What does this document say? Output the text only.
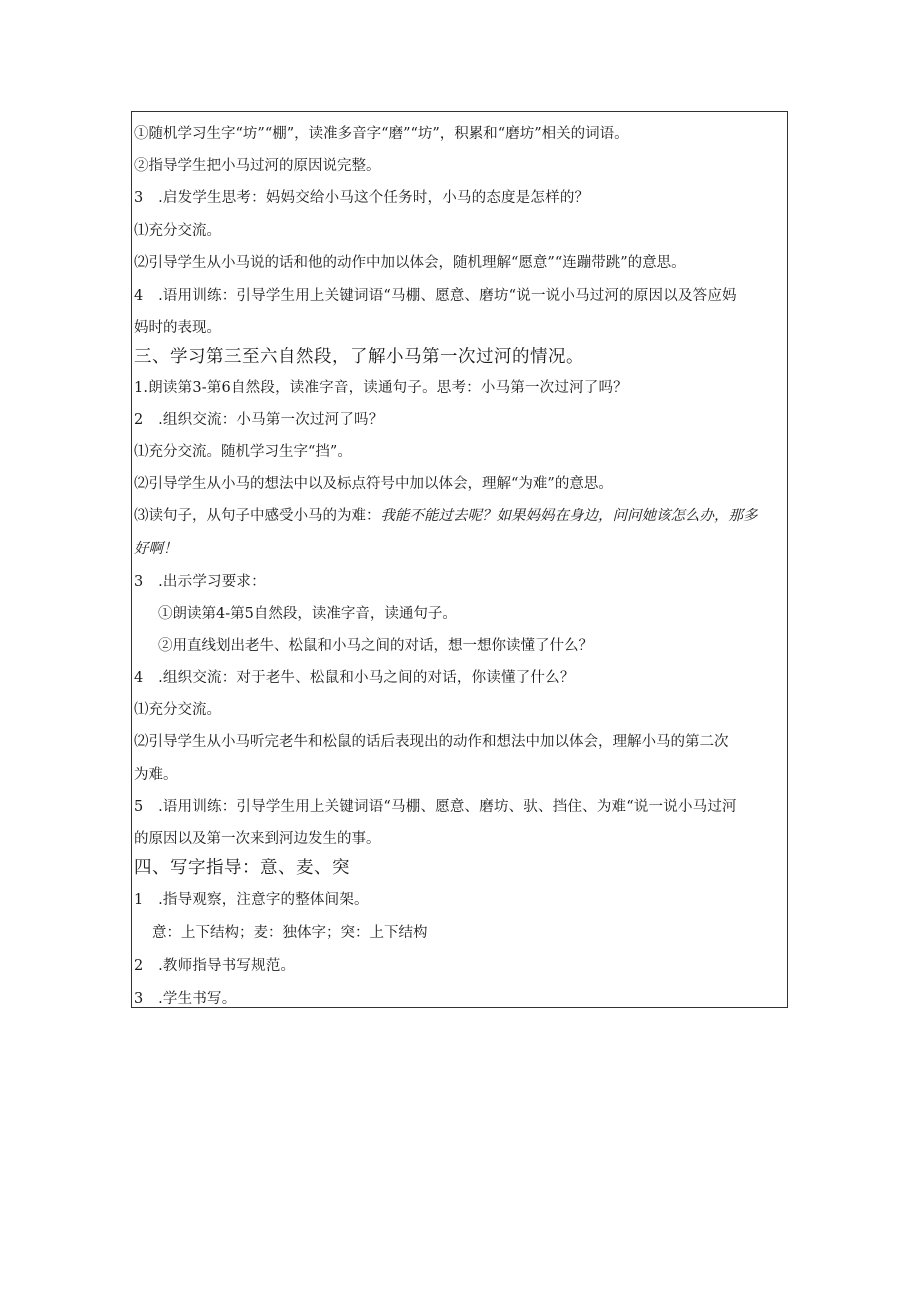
①随机学习生字“坊”“棚”，读准多音字“磨”“坊”，积累和“磨坊”相关的词语。
②指导学生把小马过河的原因说完整。
3　.启发学生思考：妈妈交给小马这个任务时，小马的态度是怎样的？
⑴充分交流。
⑵引导学生从小马说的话和他的动作中加以体会，随机理解“愿意”“连蹦带跳”的意思。
4　.语用训练：引导学生用上关键词语“马棚、愿意、磨坊“说一说小马过河的原因以及答应妈
妈时的表现。
三、学习第三至六自然段，了解小马第一次过河的情况。
1.朗读第3-第6自然段，读准字音，读通句子。思考：小马第一次过河了吗？
2　.组织交流：小马第一次过河了吗？
⑴充分交流。随机学习生字“挡”。
⑵引导学生从小马的想法中以及标点符号中加以体会，理解“为难”的意思。
⑶读句子，从句子中感受小马的为难：我能不能过去呢？如果妈妈在身边，问问她该怎么办，那多
好啊！
3　.出示学习要求：
①朗读第4-第5自然段，读准字音，读通句子。
②用直线划出老牛、松鼠和小马之间的对话，想一想你读懂了什么？
4　.组织交流：对于老牛、松鼠和小马之间的对话，你读懂了什么？
⑴充分交流。
⑵引导学生从小马听完老牛和松鼠的话后表现出的动作和想法中加以体会，理解小马的第二次
为难。
5　.语用训练：引导学生用上关键词语“马棚、愿意、磨坊、驮、挡住、为难“说一说小马过河
的原因以及第一次来到河边发生的事。
四、写字指导：意、麦、突
1　.指导观察，注意字的整体间架。
意：上下结构；麦：独体字；突：上下结构
2　.教师指导书写规范。
3　.学生书写。
